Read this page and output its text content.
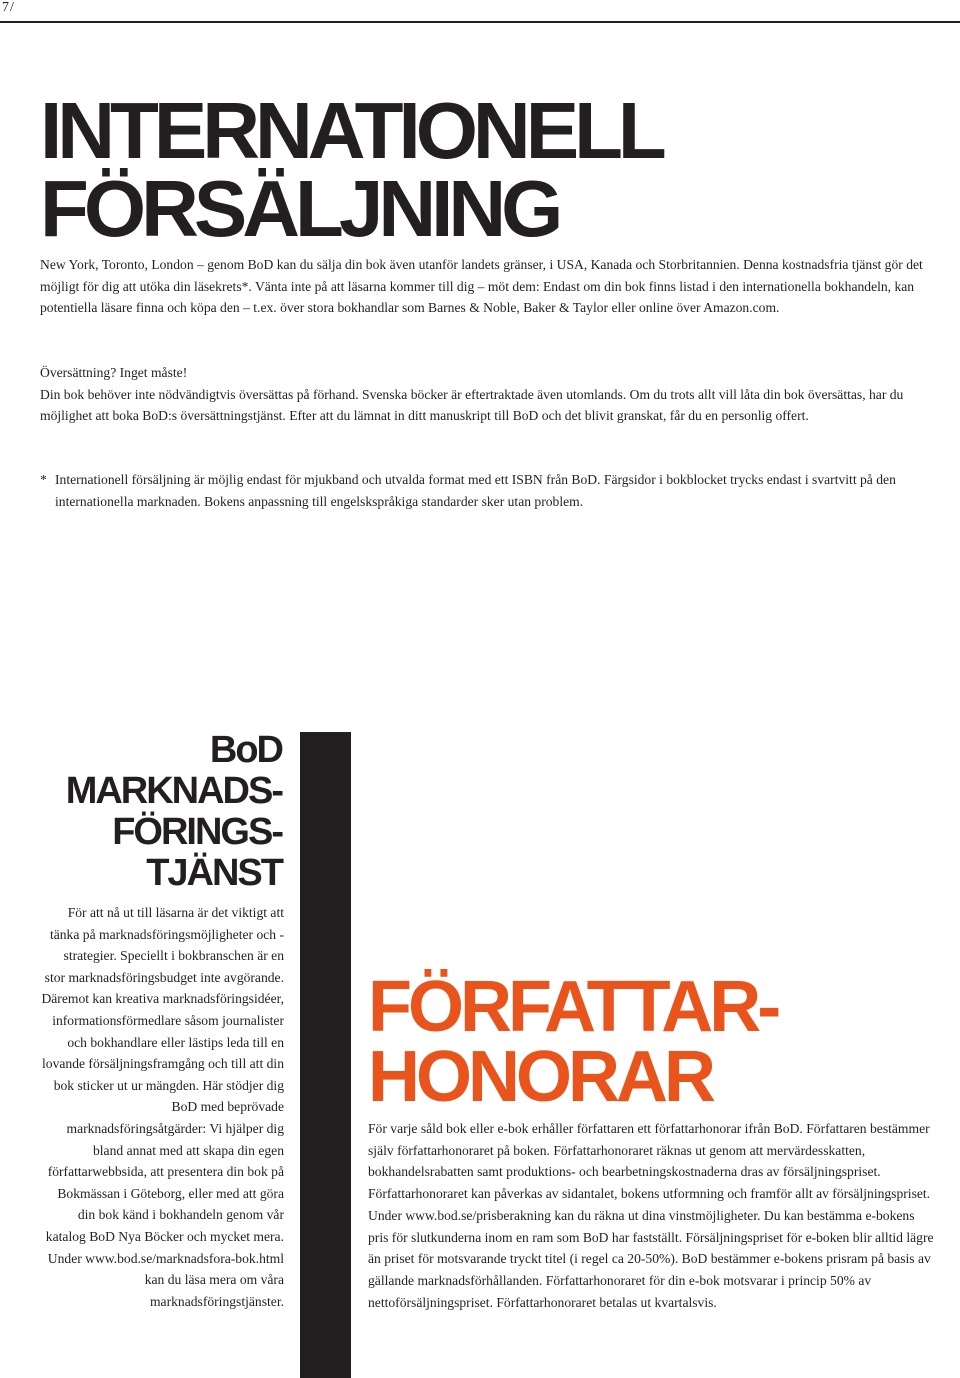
7/
INTERNATIONELL
FÖRSÄLJNING

New York, Toronto, London – genom BoD kan du sälja din bok även utanför landets gränser, i USA, Kanada och Storbritannien. Denna kostnadsfria tjänst gör det möjligt för dig att utöka din läsekrets*. Vänta inte på att läsarna kommer till dig – möt dem: Endast om din bok finns listad i den internationella bokhandeln, kan potentiella läsare finna och köpa den – t.ex. över stora bokhandlar som Barnes & Noble, Baker & Taylor eller online över Amazon.com.

Översättning? Inget måste!

Din bok behöver inte nödvändigtvis översättas på förhand. Svenska böcker är eftertraktade även utomlands. Om du trots allt vill låta din bok översättas, har du möjlighet att boka BoD:s översättningstjänst. Efter att du lämnat in ditt manuskript till BoD och det blivit granskat, får du en personlig offert.

* Internationell försäljning är möjlig endast för mjukband och utvalda format med ett ISBN från BoD. Färgsidor i bokblocket trycks endast i svartvitt på den internationella marknaden. Bokens anpassning till engelskspråkiga standarder sker utan problem.
BoD
MARKNADS-
FÖRINGS-
TJÄNST

För att nå ut till läsarna är det viktigt att tänka på marknadsföringsmöjligheter och -strategier. Speciellt i bokbranschen är en stor marknadsföringsbudget inte avgörande. Däremot kan kreativa marknadsföringsidéer, informationsförmedlare såsom journalister och bokhandlare eller lästips leda till en lovande försäljningsframgång och till att din bok sticker ut ur mängden. Här stödjer dig BoD med beprövade marknadsföringsåtgärder: Vi hjälper dig bland annat med att skapa din egen författarwebbsida, att presentera din bok på Bokmässan i Göteborg, eller med att göra din bok känd i bokhandeln genom vår katalog BoD Nya Böcker och mycket mera. Under www.bod.se/marknadsfora-bok.html kan du läsa mera om våra marknadsföringstjänster.

FÖRFATTAR-
HONORAR

För varje såld bok eller e-bok erhåller författaren ett författarhonorar ifrån BoD. Författaren bestämmer själv författarhonoraret på boken. Författarhonoraret räknas ut genom att mervärdesskatten, bokhandelsrabatten samt produktions- och bearbetningskostnaderna dras av försäljningspriset. Författarhonoraret kan påverkas av sidantalet, bokens utformning och framför allt av försäljningspriset. Under www.bod.se/prisberakning kan du räkna ut dina vinstmöjligheter. Du kan bestämma e-bokens pris för slutkunderna inom en ram som BoD har fastställt. Försäljningspriset för e-boken blir alltid lägre än priset för motsvarande tryckt titel (i regel ca 20-50%). BoD bestämmer e-bokens prisram på basis av gällande marknadsförhållanden. Författarhonoraret för din e-bok motsvarar i princip 50% av nettoförsäljningspriset. Författarhonoraret betalas ut kvartalsvis.
